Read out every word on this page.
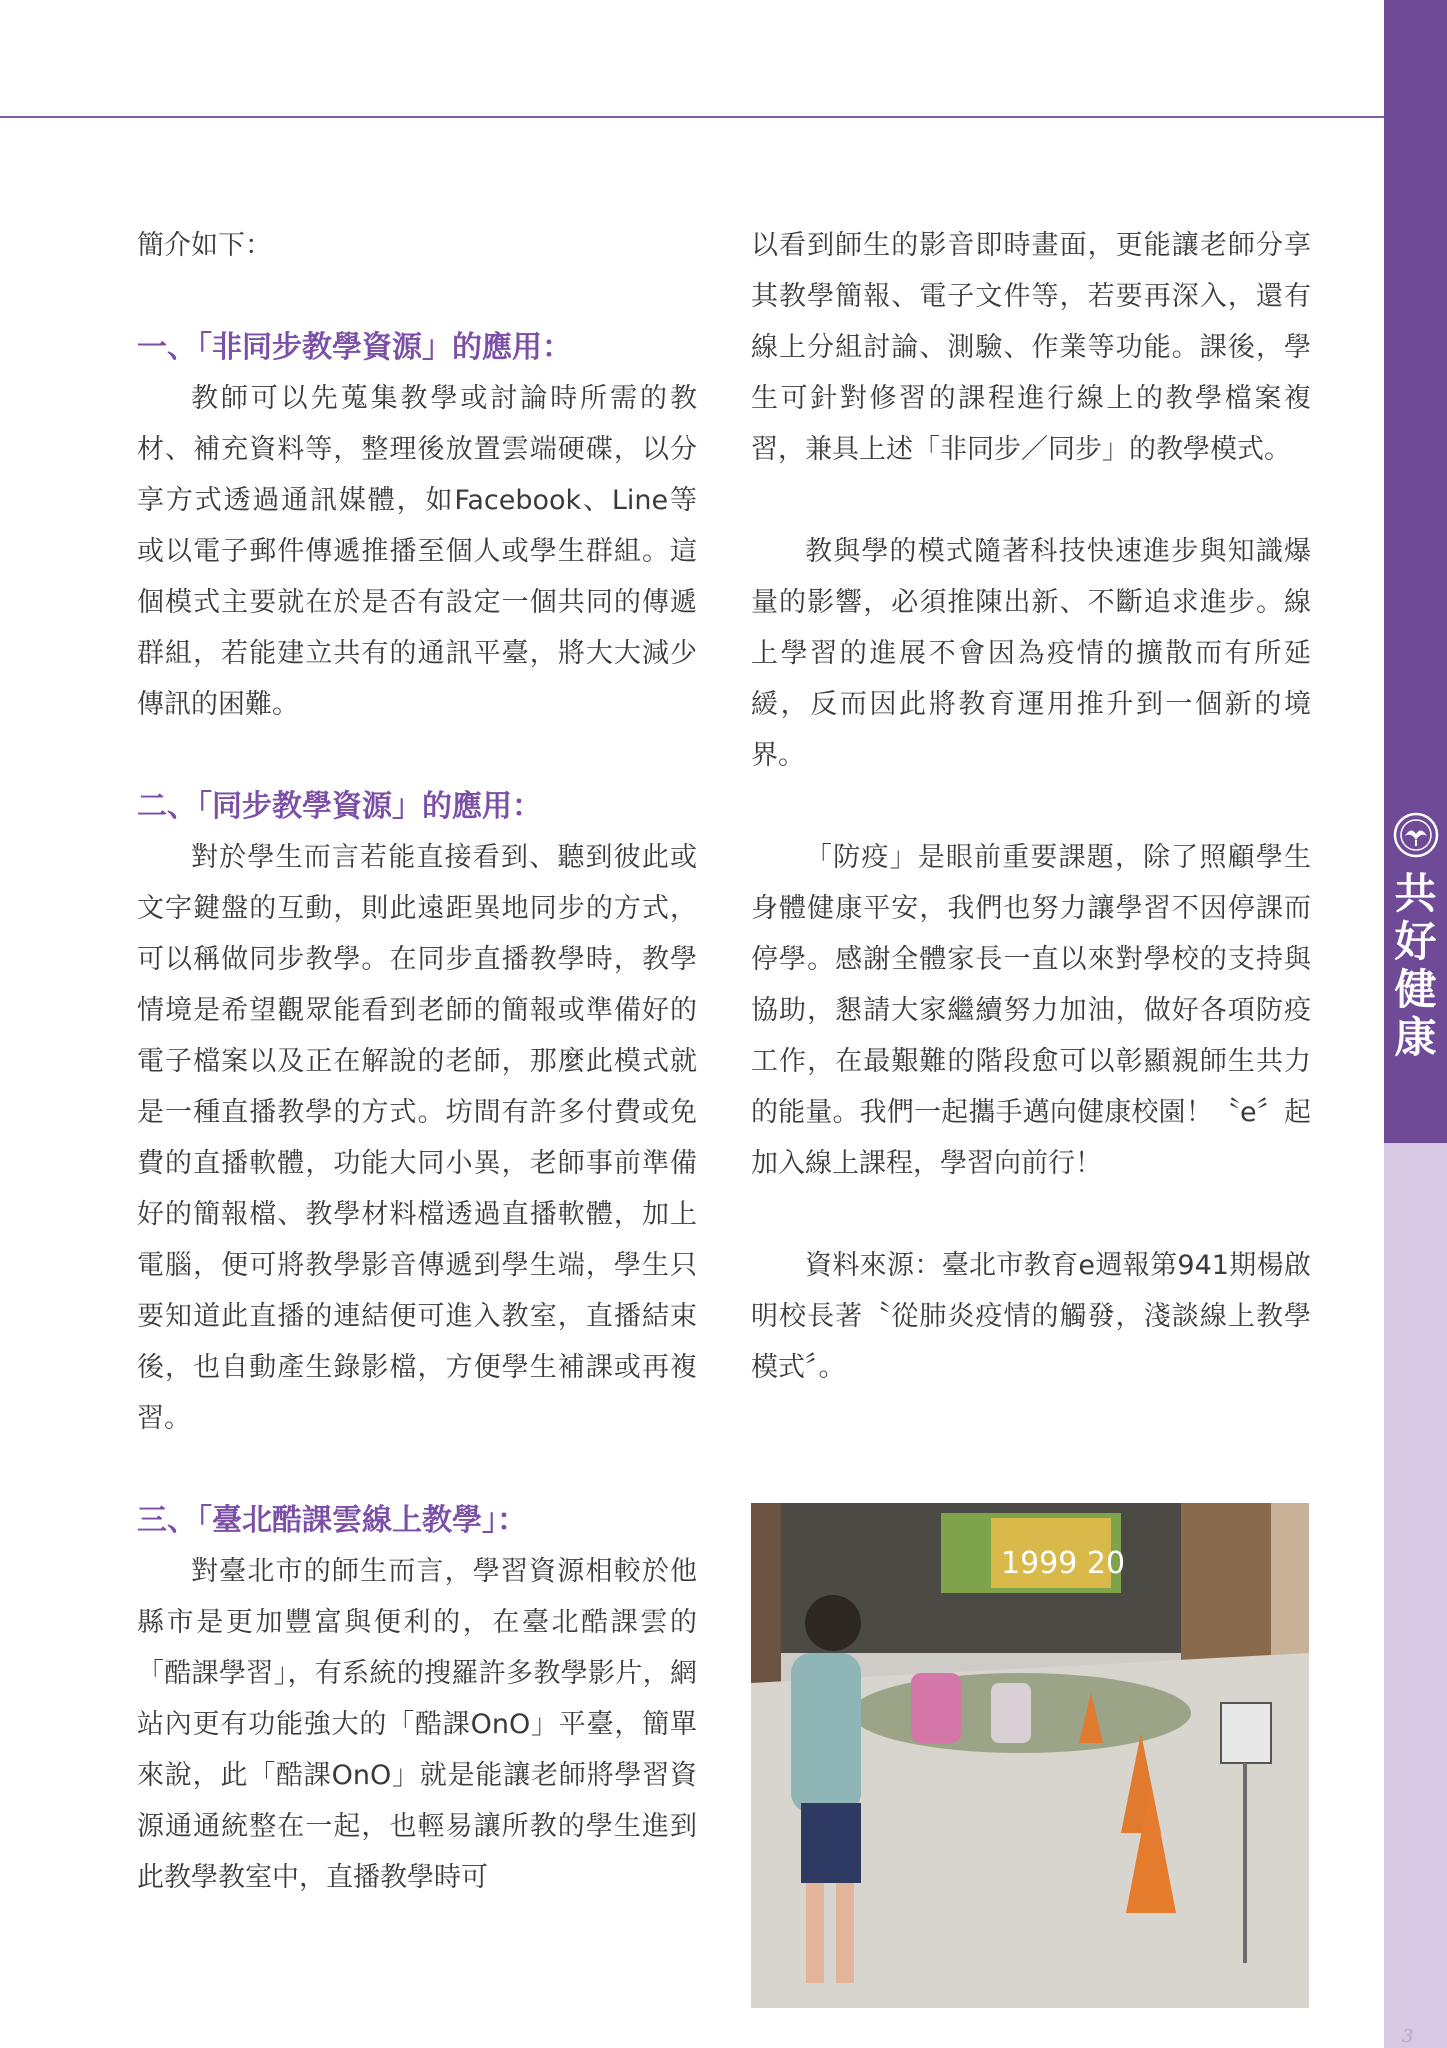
共
好
健
康

簡介如下：

一、「非同步教學資源」的應用：

教師可以先蒐集教學或討論時所需的教材、補充資料等，整理後放置雲端硬碟，以分享方式透過通訊媒體，如Facebook、Line等或以電子郵件傳遞推播至個人或學生群組。這個模式主要就在於是否有設定一個共同的傳遞群組，若能建立共有的通訊平臺，將大大減少傳訊的困難。

二、「同步教學資源」的應用：

對於學生而言若能直接看到、聽到彼此或文字鍵盤的互動，則此遠距異地同步的方式，可以稱做同步教學。在同步直播教學時，教學情境是希望觀眾能看到老師的簡報或準備好的電子檔案以及正在解說的老師，那麼此模式就是一種直播教學的方式。坊間有許多付費或免費的直播軟體，功能大同小異，老師事前準備好的簡報檔、教學材料檔透過直播軟體，加上電腦，便可將教學影音傳遞到學生端，學生只要知道此直播的連結便可進入教室，直播結束後，也自動產生錄影檔，方便學生補課或再複習。

三、「臺北酷課雲線上教學」：

對臺北市的師生而言，學習資源相較於他縣市是更加豐富與便利的，在臺北酷課雲的「酷課學習」，有系統的搜羅許多教學影片，網站內更有功能強大的「酷課OnO」平臺，簡單來說，此「酷課OnO」就是能讓老師將學習資源通通統整在一起，也輕易讓所教的學生進到此教學教室中，直播教學時可

以看到師生的影音即時畫面，更能讓老師分享其教學簡報、電子文件等，若要再深入，還有線上分組討論、測驗、作業等功能。課後，學生可針對修習的課程進行線上的教學檔案複習，兼具上述「非同步／同步」的教學模式。

教與學的模式隨著科技快速進步與知識爆量的影響，必須推陳出新、不斷追求進步。線上學習的進展不會因為疫情的擴散而有所延緩，反而因此將教育運用推升到一個新的境界。

「防疫」是眼前重要課題，除了照顧學生身體健康平安，我們也努力讓學習不因停課而停學。感謝全體家長一直以來對學校的支持與協助，懇請大家繼續努力加油，做好各項防疫工作，在最艱難的階段愈可以彰顯親師生共力的能量。我們一起攜手邁向健康校園！〝e〞起加入線上課程，學習向前行！

資料來源：臺北市教育e週報第941期楊啟明校長著〝從肺炎疫情的觸發，淺談線上教學模式〞。

1999 20
3
